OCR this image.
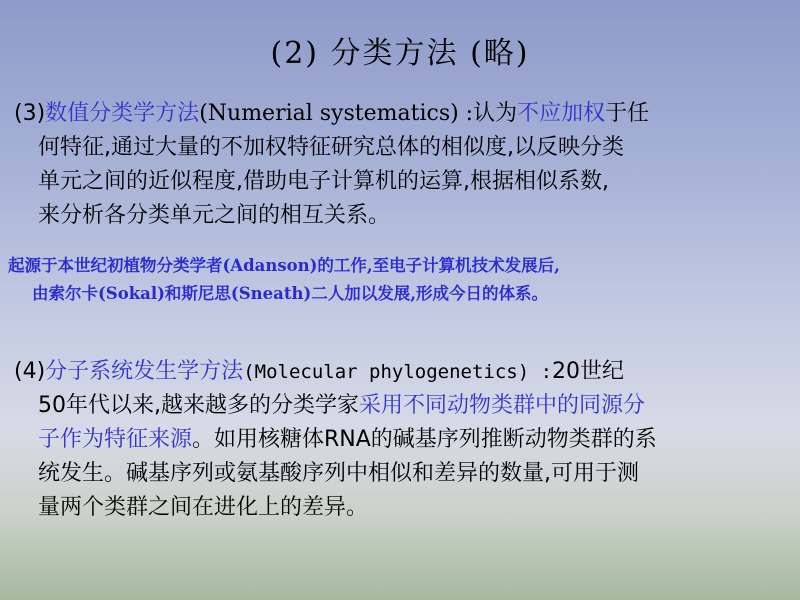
(2) 分类方法 (略)
(3)数值分类学方法(Numerial systematics) :认为不应加权于任
何特征,通过大量的不加权特征研究总体的相似度,以反映分类
单元之间的近似程度,借助电子计算机的运算,根据相似系数,
来分析各分类单元之间的相互关系。
起源于本世纪初植物分类学者(Adanson)的工作,至电子计算机技术发展后,
由索尔卡(Sokal)和斯尼思(Sneath)二人加以发展,形成今日的体系。
(4)分子系统发生学方法(Molecular phylogenetics) :20世纪
50年代以来,越来越多的分类学家采用不同动物类群中的同源分
子作为特征来源。如用核糖体RNA的碱基序列推断动物类群的系
统发生。碱基序列或氨基酸序列中相似和差异的数量,可用于测
量两个类群之间在进化上的差异。
